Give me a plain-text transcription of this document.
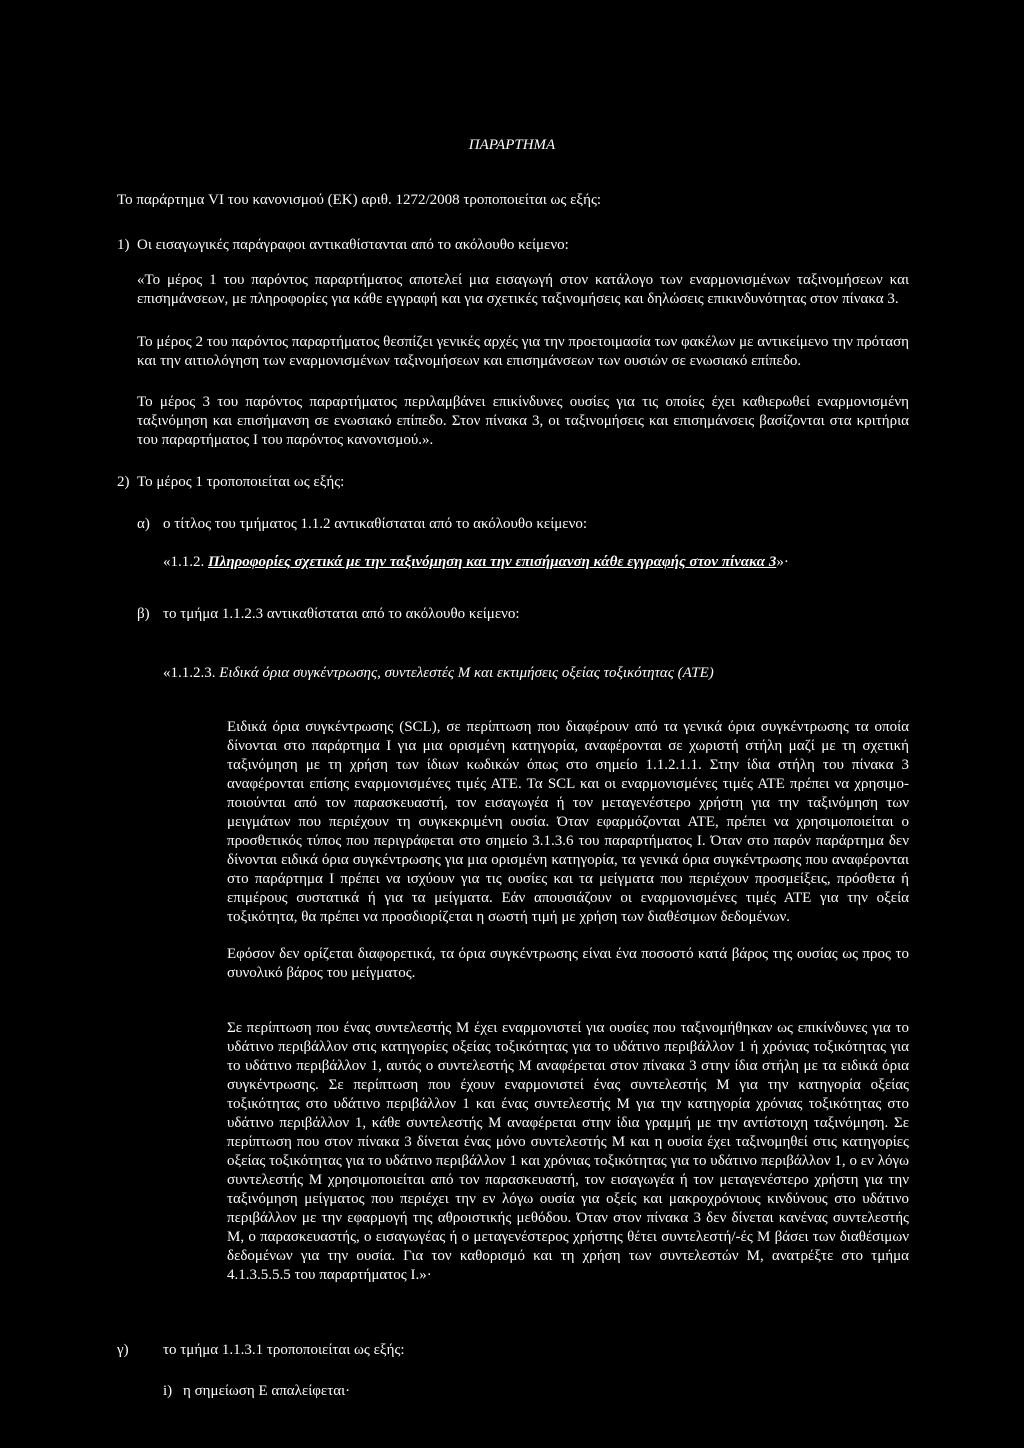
ΠΑΡΑΡΤΗΜΑ

Το παράρτημα VI του κανονισμού (ΕΚ) αριθ. 1272/2008 τροποποιείται ως εξής:

1) Οι εισαγωγικές παράγραφοι αντικαθίστανται από το ακόλουθο κείμενο:

«Το μέρος 1 του παρόντος παραρτήματος αποτελεί μια εισαγωγή στον κατάλογο των εναρμονισμένων ταξινομήσεων και επισημάνσεων, με πληροφορίες για κάθε εγγραφή και για σχετικές ταξινομήσεις και δηλώσεις επικινδυνότητας στον πίνακα 3.

Το μέρος 2 του παρόντος παραρτήματος θεσπίζει γενικές αρχές για την προετοιμασία των φακέλων με αντικείμενο την πρόταση και την αιτιολόγηση των εναρμονισμένων ταξινομήσεων και επισημάνσεων των ουσιών σε ενωσιακό επίπεδο.

Το μέρος 3 του παρόντος παραρτήματος περιλαμβάνει επικίνδυνες ουσίες για τις οποίες έχει καθιερωθεί εναρμονισμένη ταξινόμηση και επισήμανση σε ενωσιακό επίπεδο. Στον πίνακα 3, οι ταξινομήσεις και επισημάνσεις βασίζονται στα κριτήρια του παραρτήματος I του παρόντος κανονισμού.».

2) Το μέρος 1 τροποποιείται ως εξής:

α) ο τίτλος του τμήματος 1.1.2 αντικαθίσταται από το ακόλουθο κείμενο:

«1.1.2. Πληροφορίες σχετικά με την ταξινόμηση και την επισήμανση κάθε εγγραφής στον πίνακα 3»·

β) το τμήμα 1.1.2.3 αντικαθίσταται από το ακόλουθο κείμενο:

«1.1.2.3. Ειδικά όρια συγκέντρωσης, συντελεστές Μ και εκτιμήσεις οξείας τοξικότητας (ΑΤΕ)

Ειδικά όρια συγκέντρωσης (SCL), σε περίπτωση που διαφέρουν από τα γενικά όρια συγκέντρωσης τα οποία δίνονται στο παράρτημα I για μια ορισμένη κατηγορία, αναφέρονται σε χωριστή στήλη μαζί με τη σχετική ταξινόμηση με τη χρήση των ίδιων κωδικών όπως στο σημείο 1.1.2.1.1. Στην ίδια στήλη του πίνακα 3 αναφέρονται επίσης εναρμονισμένες τιμές ΑΤΕ. Τα SCL και οι εναρμονισμένες τιμές ΑΤΕ πρέπει να χρησιμοποιούνται από τον παρασκευαστή, τον εισαγωγέα ή τον μεταγενέστερο χρήστη για την ταξινόμηση των μειγμάτων που περιέχουν τη συγκεκριμένη ουσία. Όταν εφαρμόζονται ΑΤΕ, πρέπει να χρησιμοποιείται ο προσθετικός τύπος που περιγράφεται στο σημείο 3.1.3.6 του παραρτήματος I. Όταν στο παρόν παράρτημα δεν δίνονται ειδικά όρια συγκέντρωσης για μια ορισμένη κατηγορία, τα γενικά όρια συγκέντρωσης που αναφέρονται στο παράρτημα I πρέπει να ισχύουν για τις ουσίες και τα μείγματα που περιέχουν προσμείξεις, πρόσθετα ή επιμέρους συστατικά ή για τα μείγματα. Εάν απουσιάζουν οι εναρμονισμένες τιμές ΑΤΕ για την οξεία τοξικότητα, θα πρέπει να προσδιορίζεται η σωστή τιμή με χρήση των διαθέσιμων δεδομένων.

Εφόσον δεν ορίζεται διαφορετικά, τα όρια συγκέντρωσης είναι ένα ποσοστό κατά βάρος της ουσίας ως προς το συνολικό βάρος του μείγματος.

Σε περίπτωση που ένας συντελεστής Μ έχει εναρμονιστεί για ουσίες που ταξινομήθηκαν ως επικίνδυνες για το υδάτινο περιβάλλον στις κατηγορίες οξείας τοξικότητας για το υδάτινο περιβάλλον 1 ή χρόνιας τοξικότητας για το υδάτινο περιβάλλον 1, αυτός ο συντελεστής Μ αναφέρεται στον πίνακα 3 στην ίδια στήλη με τα ειδικά όρια συγκέντρωσης. Σε περίπτωση που έχουν εναρμονιστεί ένας συντελεστής Μ για την κατηγορία οξείας τοξικότητας στο υδάτινο περιβάλλον 1 και ένας συντελεστής Μ για την κατηγορία χρόνιας τοξικότητας στο υδάτινο περιβάλλον 1, κάθε συντελεστής Μ αναφέρεται στην ίδια γραμμή με την αντίστοιχη ταξινόμηση. Σε περίπτωση που στον πίνακα 3 δίνεται ένας μόνο συντελεστής Μ και η ουσία έχει ταξινομηθεί στις κατηγορίες οξείας τοξικότητας για το υδάτινο περιβάλλον 1 και χρόνιας τοξικότητας για το υδάτινο περιβάλλον 1, ο εν λόγω συντελεστής Μ χρησιμοποιείται από τον παρασκευαστή, τον εισαγωγέα ή τον μεταγενέστερο χρήστη για την ταξινόμηση μείγματος που περιέχει την εν λόγω ουσία για οξείς και μακροχρόνιους κινδύνους στο υδάτινο περιβάλλον με την εφαρμογή της αθροιστικής μεθόδου. Όταν στον πίνακα 3 δεν δίνεται κανένας συντελεστής Μ, ο παρασκευαστής, ο εισαγωγέας ή ο μεταγενέστερος χρήστης θέτει συντελεστή/-ές Μ βάσει των διαθέσιμων δεδομένων για την ουσία. Για τον καθορισμό και τη χρήση των συντελεστών Μ, ανατρέξτε στο τμήμα 4.1.3.5.5.5 του παραρτήματος I.»·

γ) το τμήμα 1.1.3.1 τροποποιείται ως εξής:

i) η σημείωση Ε απαλείφεται·
